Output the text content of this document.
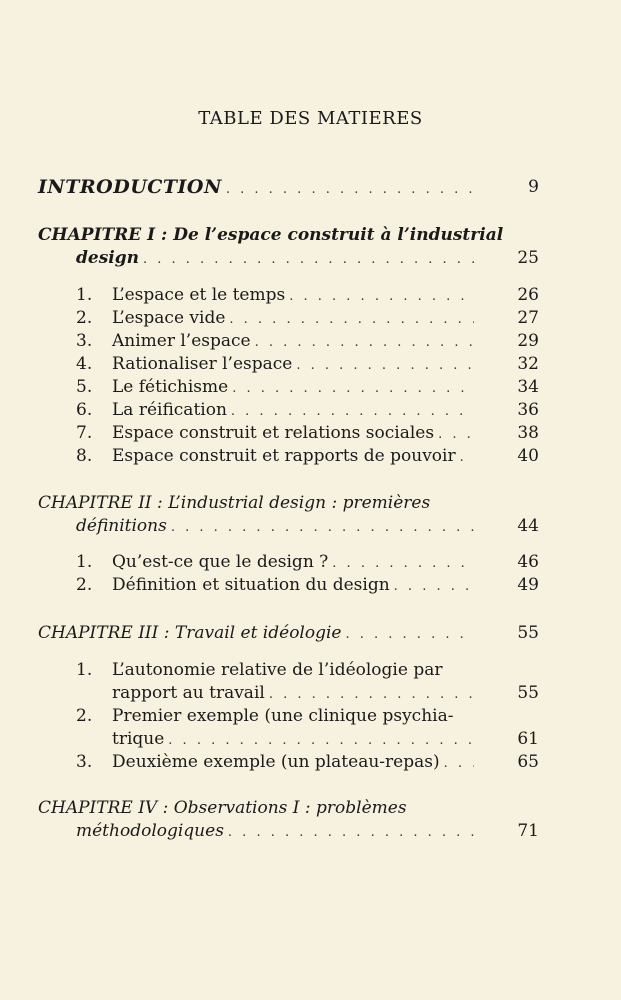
TABLE DES MATIERES
INTRODUCTION . . .	9
CHAPITRE I : De l’espace construit à l’industrial
design . . .	25
1.	L’espace et le temps . . .	26
2.	L’espace vide . . .	27
3.	Animer l’espace . . .	29
4.	Rationaliser l’espace . . .	32
5.	Le fétichisme . . .	34
6.	La réification . . .	36
7.	Espace construit et relations sociales . . .	38
8.	Espace construit et rapports de pouvoir . . .	40
CHAPITRE II : L’industrial design : premières
définitions . . .	44
1.	Qu’est-ce que le design ? . . .	46
2.	Définition et situation du design . . .	49
CHAPITRE III : Travail et idéologie . . .	55
1. L’autonomie relative de l’idéologie par
rapport au travail . . .	55
2. Premier exemple (une clinique psychia-
trique . . .	61
3.	Deuxième exemple (un plateau-repas) . . .	65
CHAPITRE IV : Observations I : problèmes
méthodologiques . . .	71
